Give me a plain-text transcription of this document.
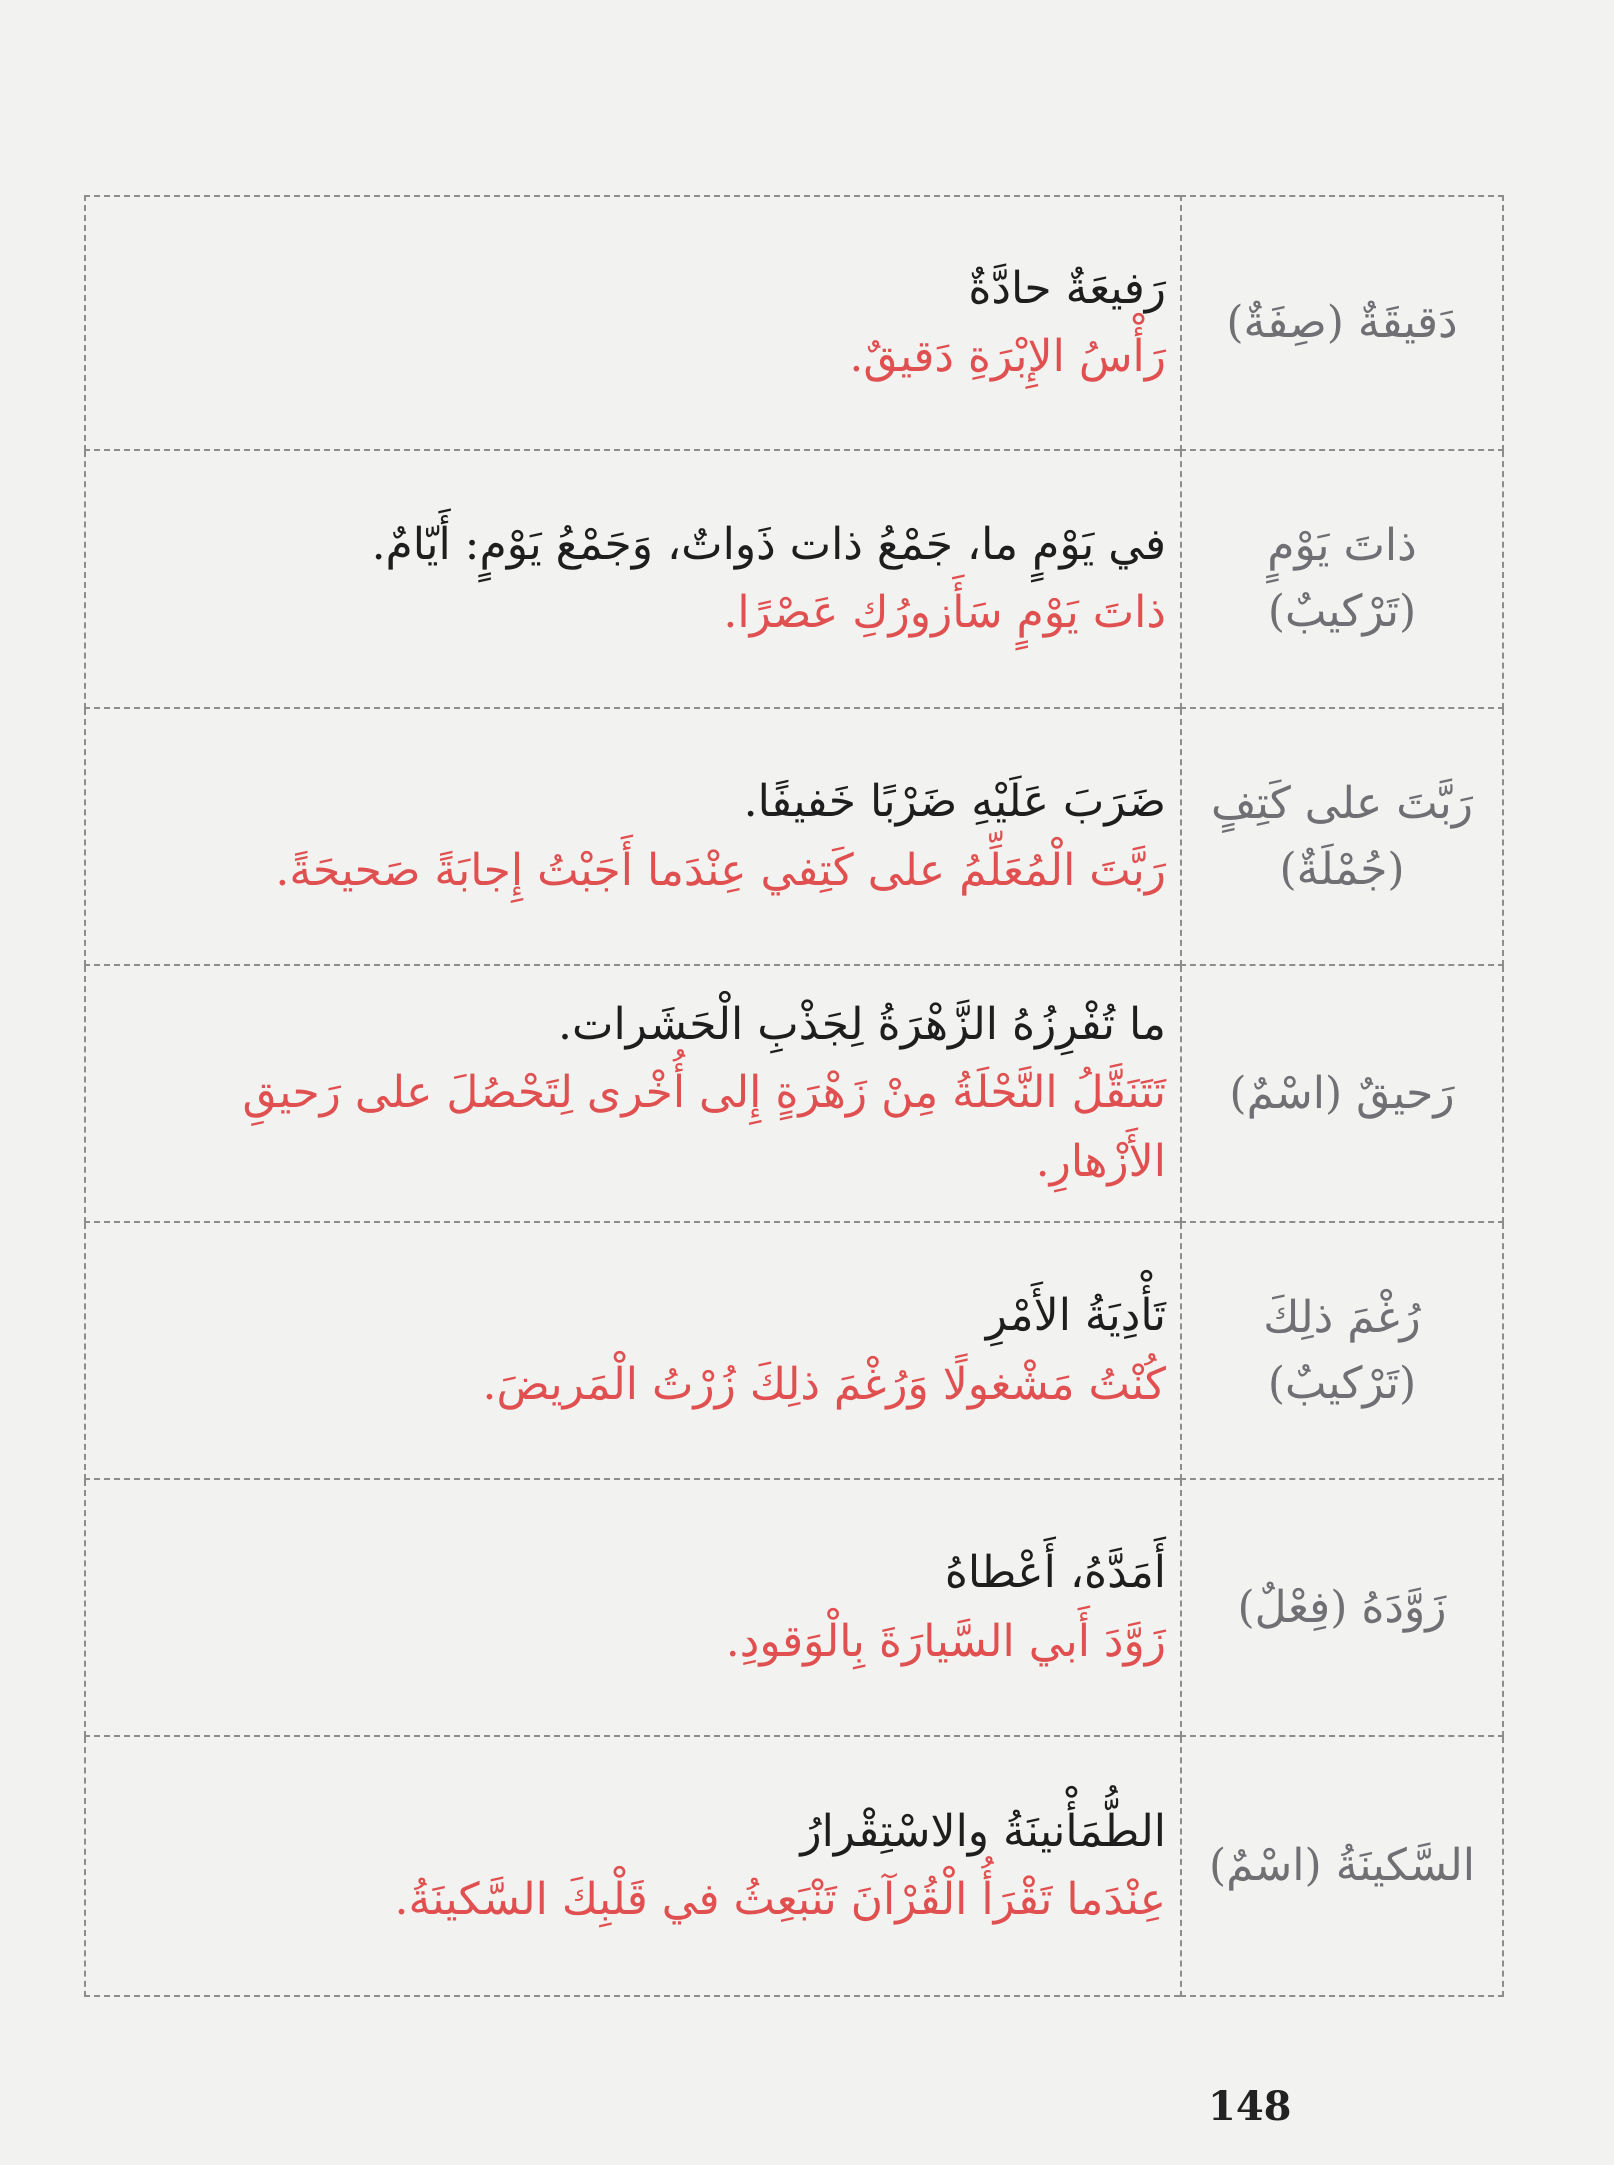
دَقيقَةٌ (صِفَةٌ)	رَفيعَةٌ حادَّةٌ
رَأْسُ الإِبْرَةِ دَقيقٌ.

ذاتَ يَوْمٍ
(تَرْكيبٌ)	في يَوْمٍ ما، جَمْعُ ذات ذَواتٌ، وَجَمْعُ يَوْمٍ: أَيّامٌ.
ذاتَ يَوْمٍ سَأَزورُكِ عَصْرًا.

رَبَّتَ على كَتِفٍ
(جُمْلَةٌ)	ضَرَبَ عَلَيْهِ ضَرْبًا خَفيفًا.
رَبَّتَ الْمُعَلِّمُ على كَتِفي عِنْدَما أَجَبْتُ إِجابَةً صَحيحَةً.

رَحيقٌ (اسْمٌ)	ما تُفْرِزُهُ الزَّهْرَةُ لِجَذْبِ الْحَشَرات.
تَتَنَقَّلُ النَّحْلَةُ مِنْ زَهْرَةٍ إِلى أُخْرى لِتَحْصُلَ على رَحيقِ الأَزْهارِ.

رُغْمَ ذلِكَ
(تَرْكيبٌ)	تَأْدِيَةُ الأَمْرِ
كُنْتُ مَشْغولًا وَرُغْمَ ذلِكَ زُرْتُ الْمَريضَ.

زَوَّدَهُ (فِعْلٌ)	أَمَدَّهُ، أَعْطاهُ
زَوَّدَ أَبي السَّيارَةَ بِالْوَقودِ.

السَّكينَةُ (اسْمٌ)	الطُّمَأْنينَةُ والاسْتِقْرارُ
عِنْدَما تَقْرَأُ الْقُرْآنَ تَنْبَعِثُ في قَلْبِكَ السَّكينَةُ.
148
